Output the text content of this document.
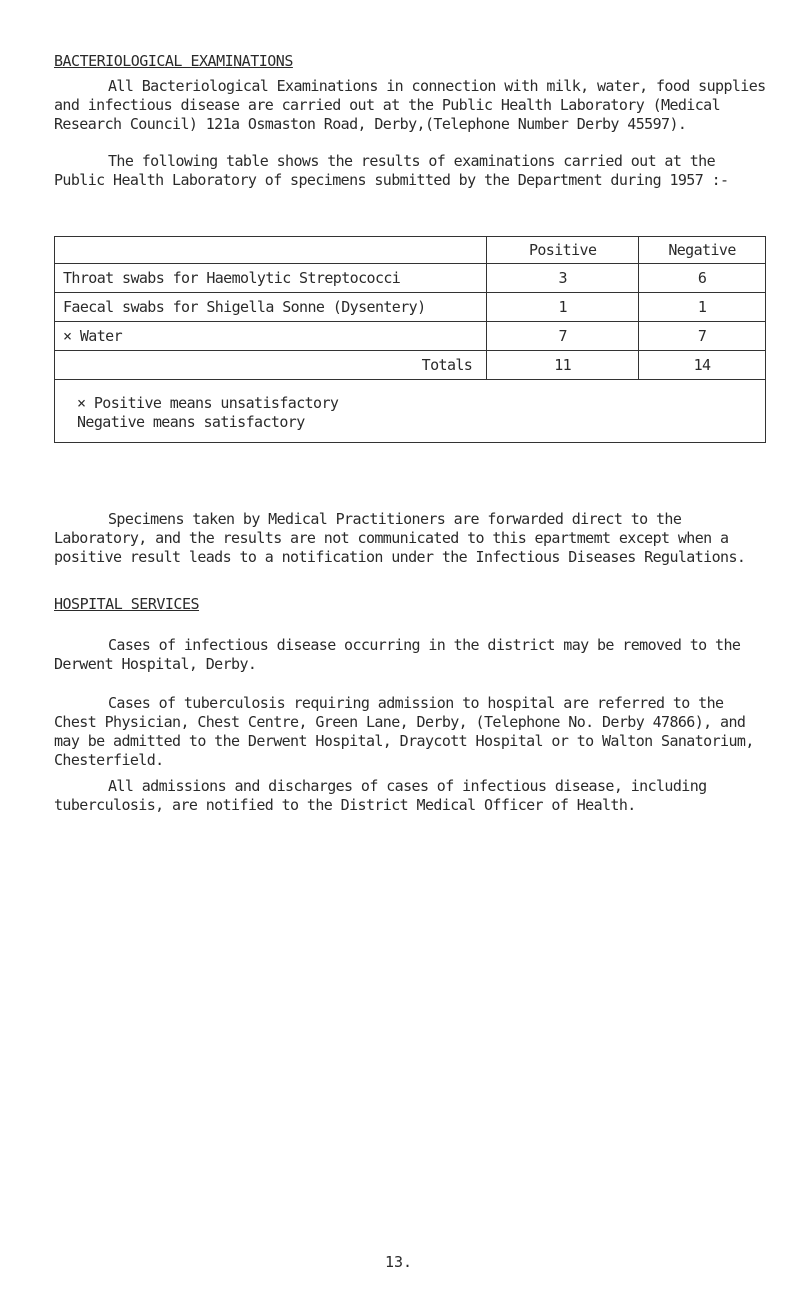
BACTERIOLOGICAL EXAMINATIONS

All Bacteriological Examinations in connection with milk, water, food supplies and infectious disease are carried out at the Public Health Laboratory (Medical Research Council) 121a Osmaston Road, Derby,(Telephone Number Derby 45597).

The following table shows the results of examinations carried out at the Public Health Laboratory of specimens submitted by the Department during 1957 :-

	Positive	Negative
Throat swabs for Haemolytic Streptococci	3	6
Faecal swabs for Shigella Sonne (Dysentery)	1	1
× Water	7	7
Totals	11	14

× Positive means unsatisfactory
Negative means satisfactory		

Specimens taken by Medical Practitioners are forwarded direct to the Laboratory, and the results are not communicated to this epartmemt except when a positive result leads to a notification under the Infectious Diseases Regulations.

HOSPITAL SERVICES

Cases of infectious disease occurring in the district may be removed to the Derwent Hospital, Derby.

Cases of tuberculosis requiring admission to hospital are referred to the Chest Physician, Chest Centre, Green Lane, Derby, (Telephone No. Derby 47866), and may be admitted to the Derwent Hospital, Draycott Hospital or to Walton Sanatorium, Chesterfield.

All admissions and discharges of cases of infectious disease, including tuberculosis, are notified to the District Medical Officer of Health.

13.
